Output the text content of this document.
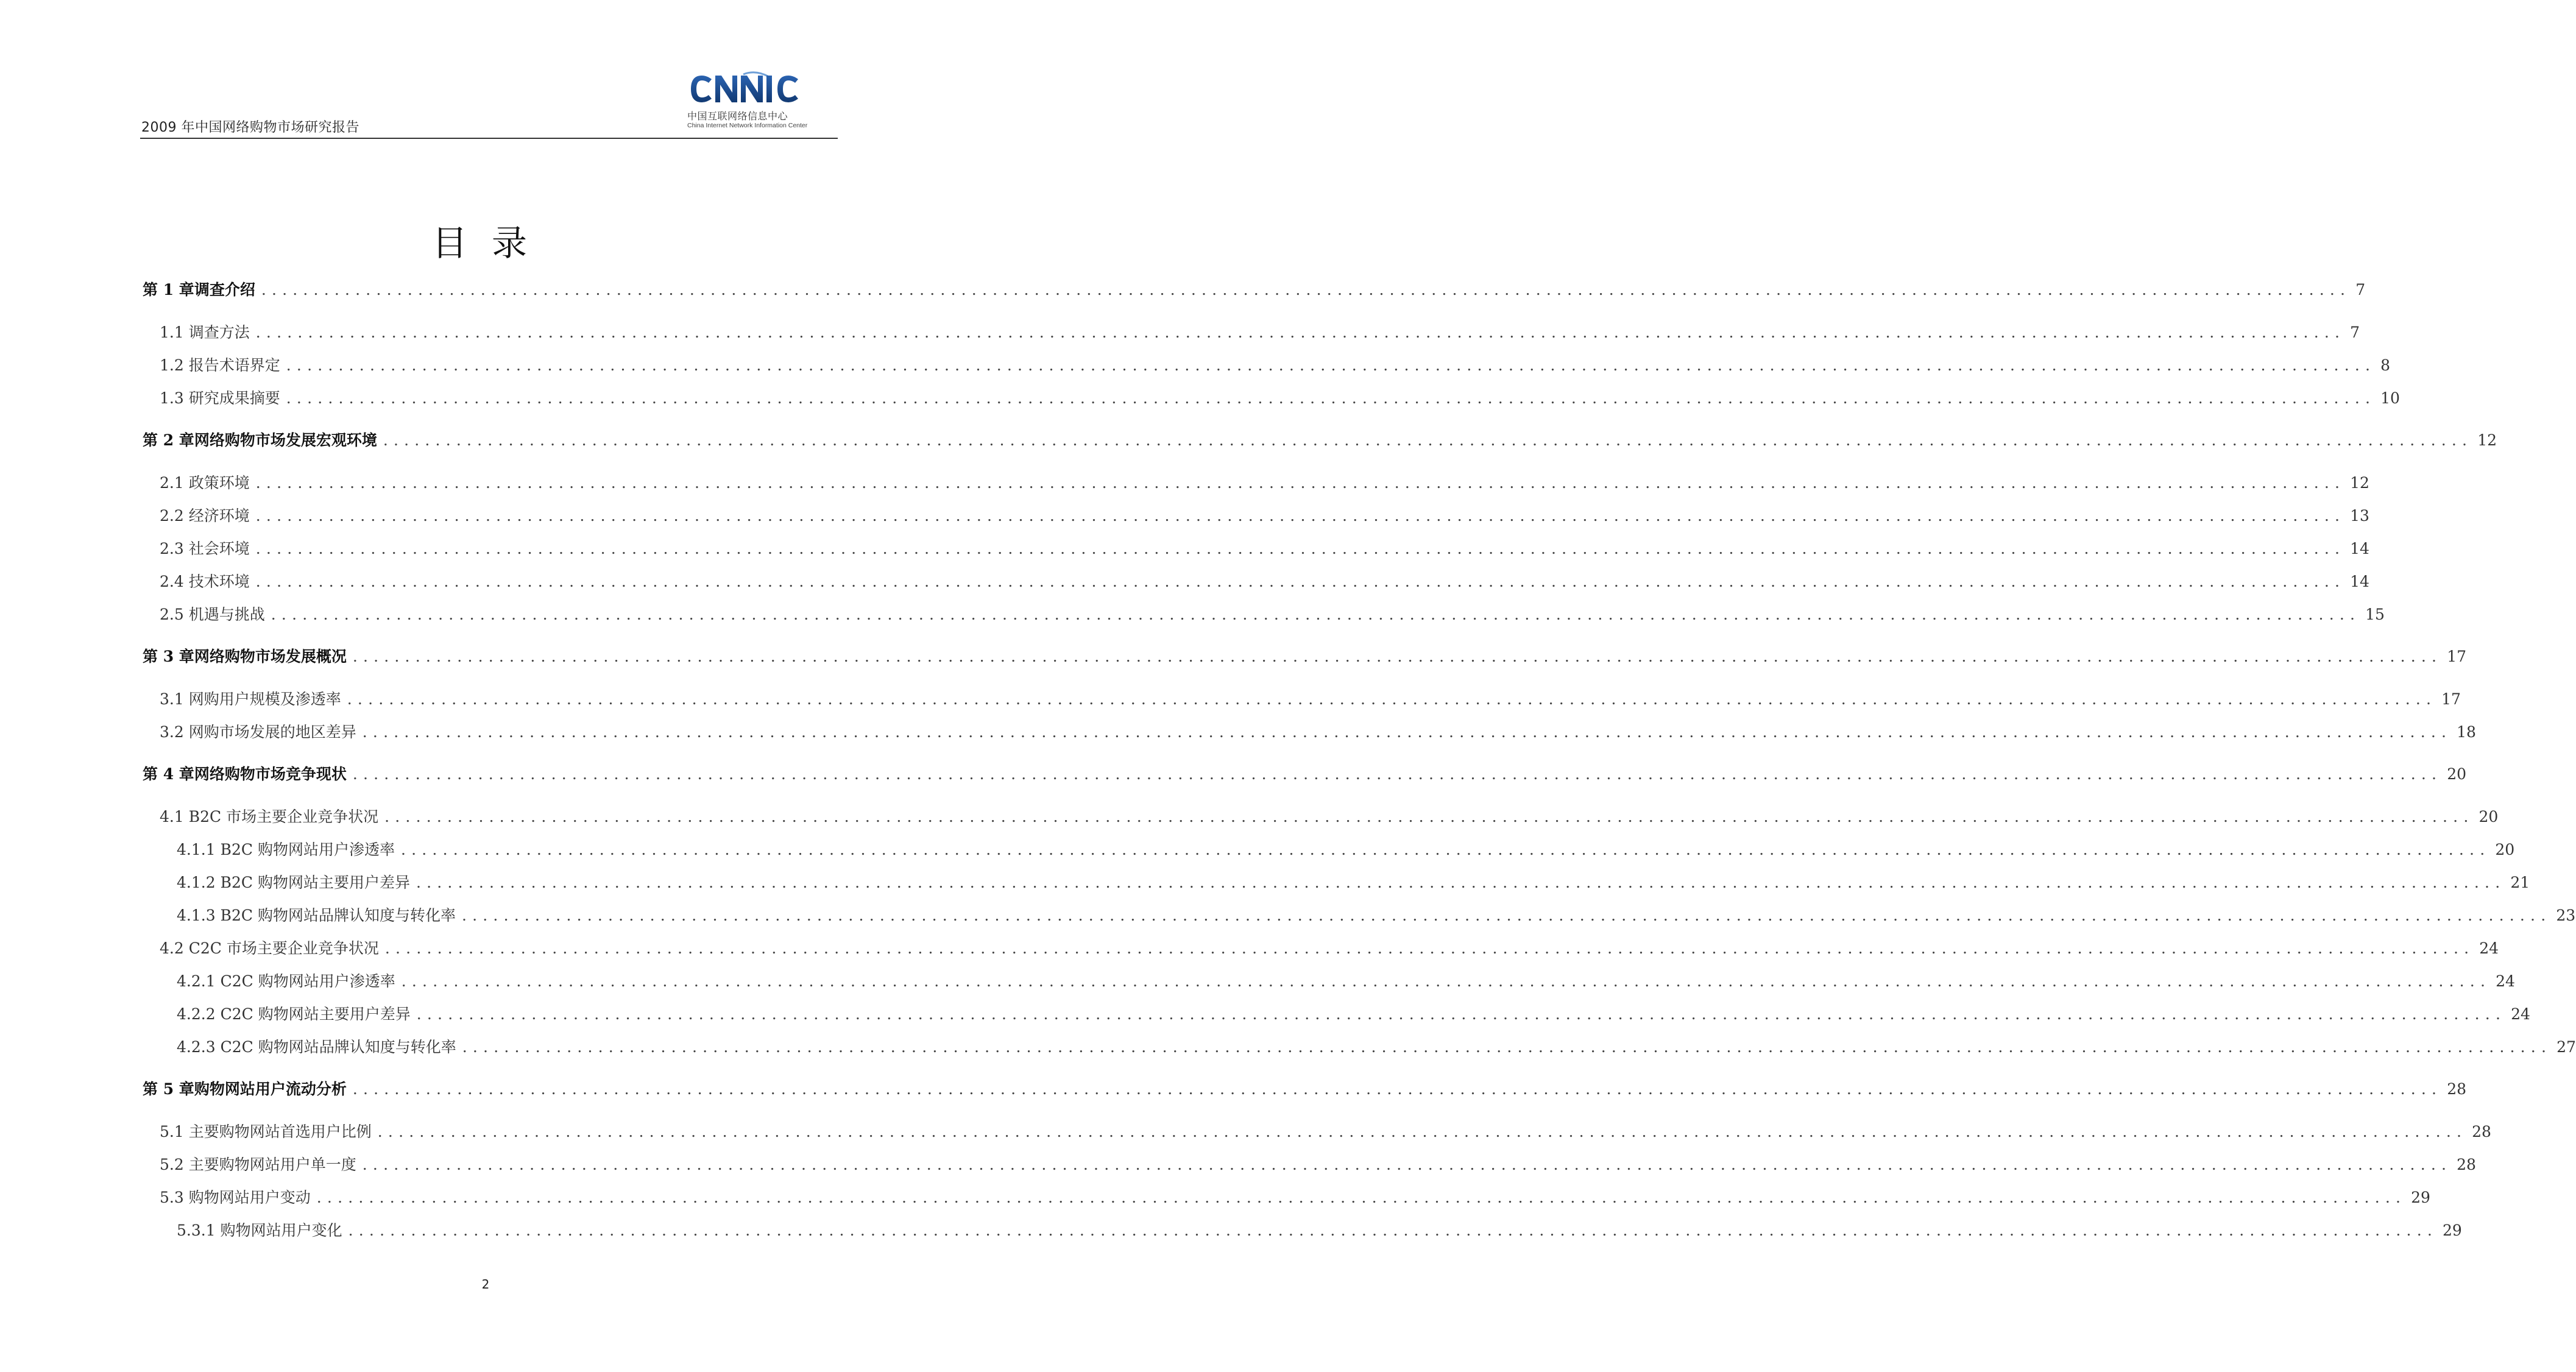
2009 年中国网络购物市场研究报告
中国互联网络信息中心
China Internet Network Information Center
目录
第 1 章 调查介绍 ........................................................................................................................................................................................................ 7
1.1 调查方法 ........................................................................................................................................................................................................ 7
1.2 报告术语界定 ........................................................................................................................................................................................................ 8
1.3 研究成果摘要 ........................................................................................................................................................................................................ 10
第 2 章 网络购物市场发展宏观环境 ........................................................................................................................................................................................................ 12
2.1 政策环境 ........................................................................................................................................................................................................ 12
2.2 经济环境 ........................................................................................................................................................................................................ 13
2.3 社会环境 ........................................................................................................................................................................................................ 14
2.4 技术环境 ........................................................................................................................................................................................................ 14
2.5 机遇与挑战 ........................................................................................................................................................................................................ 15
第 3 章 网络购物市场发展概况 ........................................................................................................................................................................................................ 17
3.1 网购用户规模及渗透率 ........................................................................................................................................................................................................ 17
3.2 网购市场发展的地区差异 ........................................................................................................................................................................................................ 18
第 4 章 网络购物市场竞争现状 ........................................................................................................................................................................................................ 20
4.1 B2C 市场主要企业竞争状况 ........................................................................................................................................................................................................ 20
4.1.1 B2C 购物网站用户渗透率 ........................................................................................................................................................................................................ 20
4.1.2 B2C 购物网站主要用户差异 ........................................................................................................................................................................................................ 21
4.1.3 B2C 购物网站品牌认知度与转化率 ........................................................................................................................................................................................................ 23
4.2 C2C 市场主要企业竞争状况 ........................................................................................................................................................................................................ 24
4.2.1 C2C 购物网站用户渗透率 ........................................................................................................................................................................................................ 24
4.2.2 C2C 购物网站主要用户差异 ........................................................................................................................................................................................................ 24
4.2.3 C2C 购物网站品牌认知度与转化率 ........................................................................................................................................................................................................ 27
第 5 章 购物网站用户流动分析 ........................................................................................................................................................................................................ 28
5.1 主要购物网站首选用户比例 ........................................................................................................................................................................................................ 28
5.2 主要购物网站用户单一度 ........................................................................................................................................................................................................ 28
5.3 购物网站用户变动 ........................................................................................................................................................................................................ 29
5.3.1 购物网站用户变化 ........................................................................................................................................................................................................ 29
2
